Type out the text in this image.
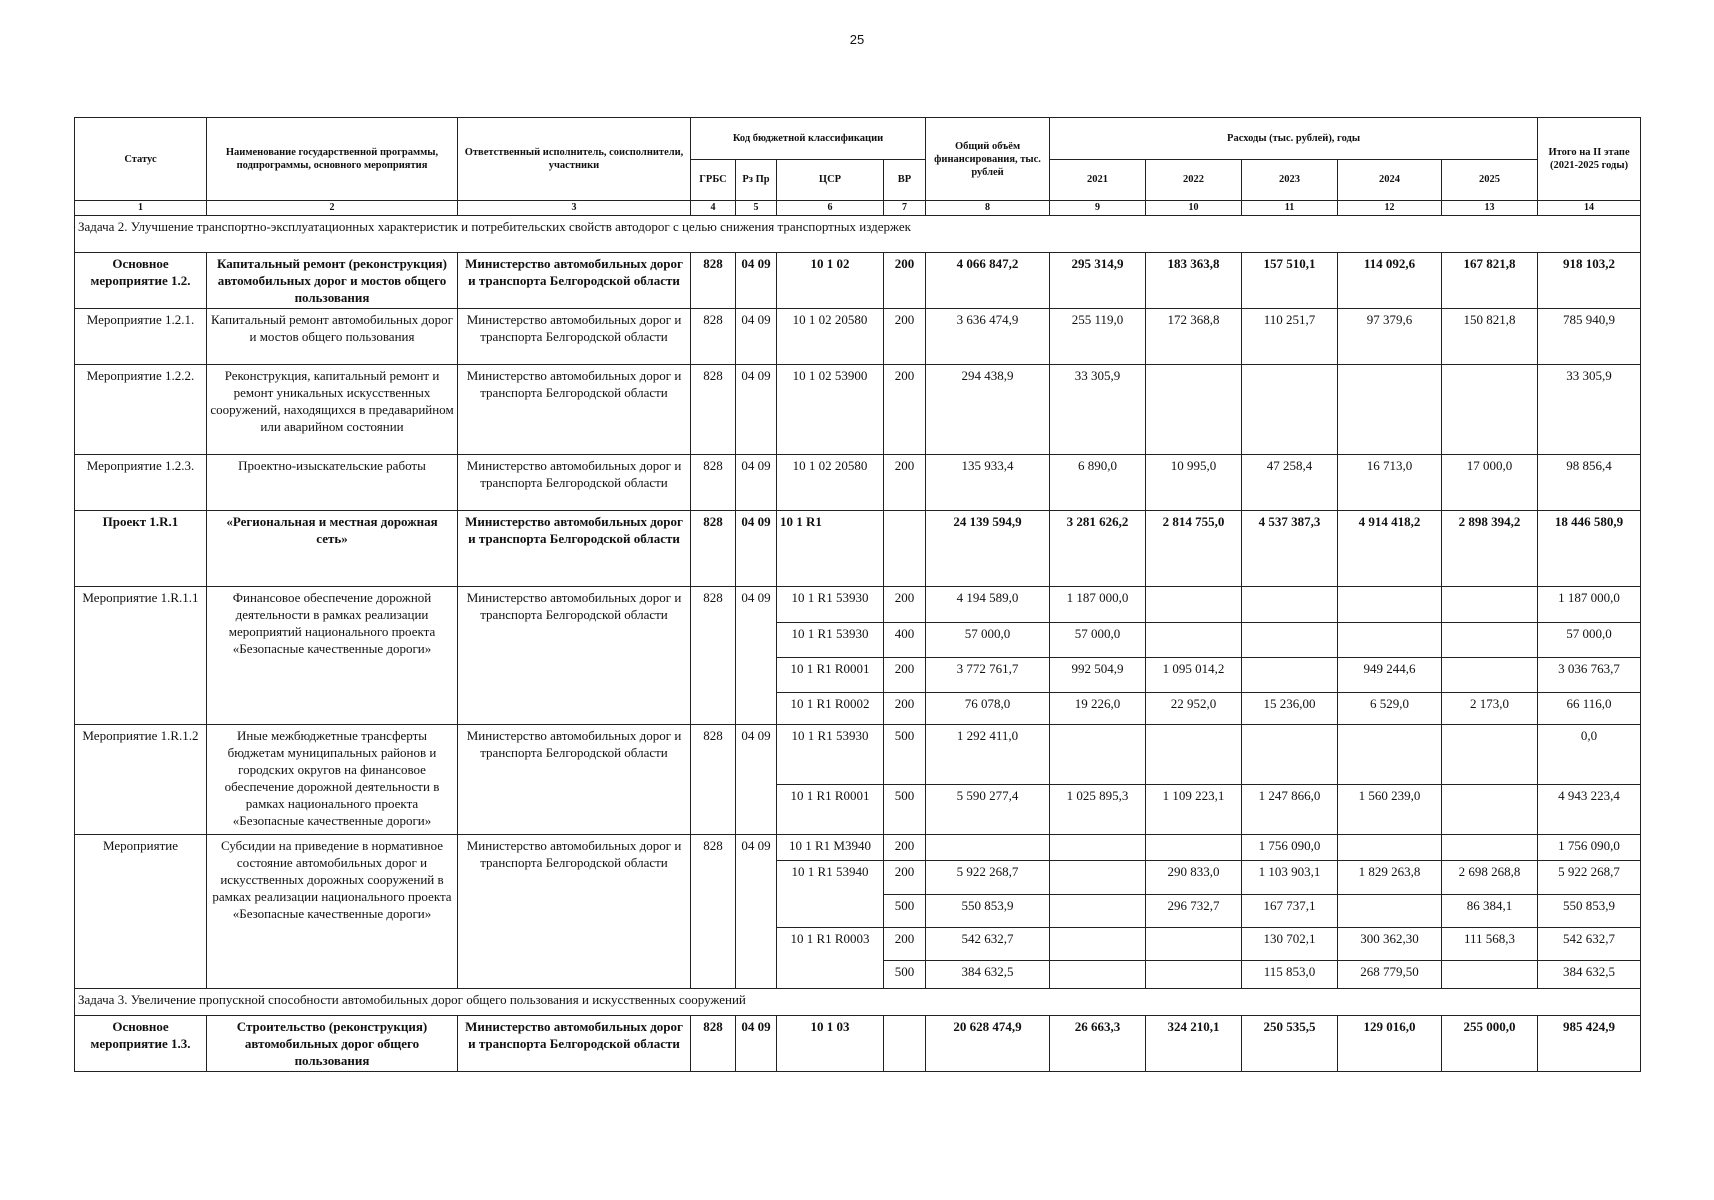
25
Статус	Наименование государственной программы, подпрограммы, основного мероприятия	Ответственный исполнитель, соисполнители, участники	Код бюджетной классификации				Общий объём финансирования, тыс. рублей	Расходы (тыс. рублей), годы					Итого на II этапе (2021-2025 годы)
			ГРБС	Рз Пр	ЦСР	ВР		2021	2022	2023	2024	2025	
1	2	3	4	5	6	7	8	9	10	11	12	13	14
Задача 2. Улучшение транспортно-эксплуатационных характеристик и потребительских свойств автодорог с целью снижения транспортных издержек													
Основное мероприятие 1.2.	Капитальный ремонт (реконструкция) автомобильных дорог и мостов общего пользования	Министерство автомобильных дорог и транспорта Белгородской области	828	04 09	10 1 02	200	4 066 847,2	295 314,9	183 363,8	157 510,1	114 092,6	167 821,8	918 103,2
Мероприятие 1.2.1.	Капитальный ремонт автомобильных дорог и мостов общего пользования	Министерство автомобильных дорог и транспорта Белгородской области	828	04 09	10 1 02 20580	200	3 636 474,9	255 119,0	172 368,8	110 251,7	97 379,6	150 821,8	785 940,9
Мероприятие 1.2.2.	Реконструкция, капитальный ремонт и ремонт уникальных искусственных сооружений, находящихся в предаварийном или аварийном состоянии	Министерство автомобильных дорог и транспорта Белгородской области	828	04 09	10 1 02 53900	200	294 438,9	33 305,9					33 305,9
Мероприятие 1.2.3.	Проектно-изыскательские работы	Министерство автомобильных дорог и транспорта Белгородской области	828	04 09	10 1 02 20580	200	135 933,4	6 890,0	10 995,0	47 258,4	16 713,0	17 000,0	98 856,4
Проект 1.R.1	«Региональная и местная дорожная сеть»	Министерство автомобильных дорог и транспорта Белгородской области	828	04 09	10 1 R1		24 139 594,9	3 281 626,2	2 814 755,0	4 537 387,3	4 914 418,2	2 898 394,2	18 446 580,9
Мероприятие 1.R.1.1	Финансовое обеспечение дорожной деятельности в рамках реализации мероприятий национального проекта «Безопасные качественные дороги»	Министерство автомобильных дорог и транспорта Белгородской области	828	04 09	10 1 R1 53930	200	4 194 589,0	1 187 000,0					1 187 000,0
					10 1 R1 53930	400	57 000,0	57 000,0					57 000,0
					10 1 R1 R0001	200	3 772 761,7	992 504,9	1 095 014,2		949 244,6		3 036 763,7
					10 1 R1 R0002	200	76 078,0	19 226,0	22 952,0	15 236,00	6 529,0	2 173,0	66 116,0
Мероприятие 1.R.1.2	Иные межбюджетные трансферты бюджетам муниципальных районов и городских округов на финансовое обеспечение дорожной деятельности в рамках национального проекта «Безопасные качественные дороги»	Министерство автомобильных дорог и транспорта Белгородской области	828	04 09	10 1 R1 53930	500	1 292 411,0						0,0
					10 1 R1 R0001	500	5 590 277,4	1 025 895,3	1 109 223,1	1 247 866,0	1 560 239,0		4 943 223,4
Мероприятие	Субсидии на приведение в нормативное состояние автомобильных дорог и искусственных дорожных сооружений в рамках реализации национального проекта «Безопасные качественные дороги»	Министерство автомобильных дорог и транспорта Белгородской области	828	04 09	10 1 R1 M3940	200				1 756 090,0			1 756 090,0
					10 1 R1 53940	200	5 922 268,7		290 833,0	1 103 903,1	1 829 263,8	2 698 268,8	5 922 268,7
						500	550 853,9		296 732,7	167 737,1		86 384,1	550 853,9
					10 1 R1 R0003	200	542 632,7			130 702,1	300 362,30	111 568,3	542 632,7
						500	384 632,5			115 853,0	268 779,50		384 632,5
Задача 3. Увеличение пропускной способности автомобильных дорог общего пользования и искусственных сооружений													
Основное мероприятие 1.3.	Строительство (реконструкция) автомобильных дорог общего пользования	Министерство автомобильных дорог и транспорта Белгородской области	828	04 09	10 1 03		20 628 474,9	26 663,3	324 210,1	250 535,5	129 016,0	255 000,0	985 424,9
